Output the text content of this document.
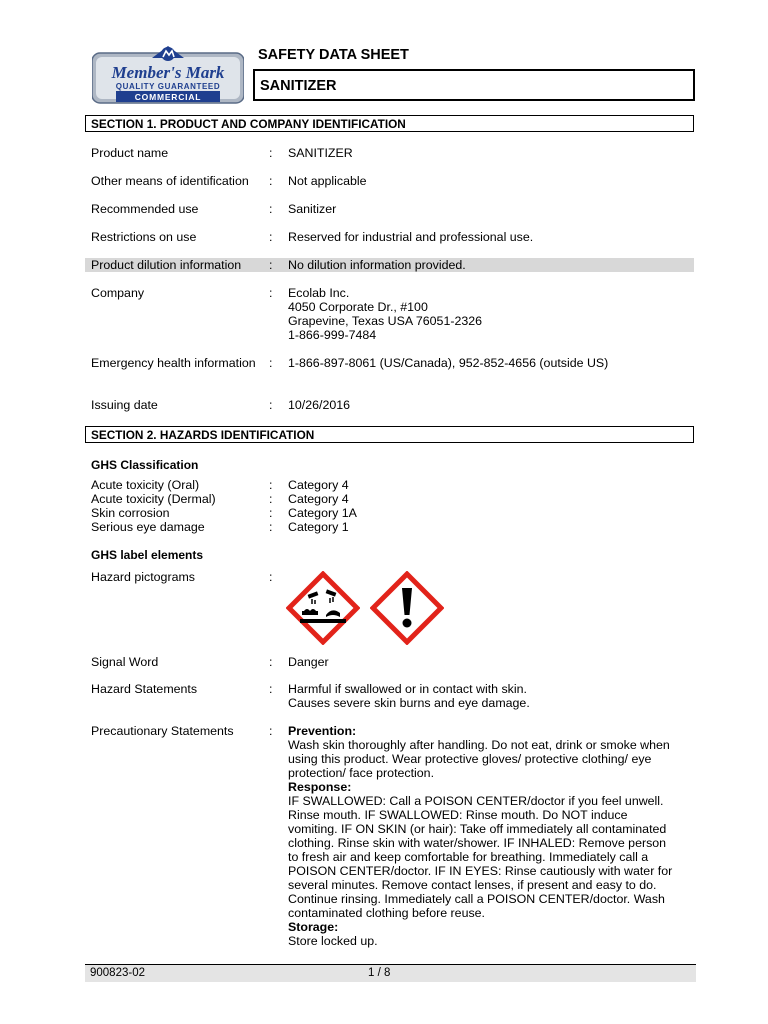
Member's Mark
QUALITY GUARANTEED
COMMERCIAL
SAFETY DATA SHEET
SANITIZER
SECTION 1. PRODUCT AND COMPANY IDENTIFICATION
Product name	: SANITIZER
Other means of identification	: Not applicable
Recommended use	: Sanitizer
Restrictions on use	: Reserved for industrial and professional use.
Product dilution information	: No dilution information provided.
Company	: Ecolab Inc.
4050 Corporate Dr., #100
Grapevine, Texas USA 76051-2326
1-866-999-7484
Emergency health information	: 1-866-897-8061 (US/Canada), 952-852-4656 (outside US)
Issuing date	: 10/26/2016
SECTION 2. HAZARDS IDENTIFICATION
GHS Classification
Acute toxicity (Oral)	: Category 4
Acute toxicity (Dermal)	: Category 4
Skin corrosion	: Category 1A
Serious eye damage	: Category 1
GHS label elements
Hazard pictograms	:
Signal Word	: Danger
Hazard Statements	: Harmful if swallowed or in contact with skin.
Causes severe skin burns and eye damage.
Precautionary Statements	: Prevention:
Wash skin thoroughly after handling. Do not eat, drink or smoke when
using this product. Wear protective gloves/ protective clothing/ eye
protection/ face protection.
Response:
IF SWALLOWED: Call a POISON CENTER/doctor if you feel unwell.
Rinse mouth. IF SWALLOWED: Rinse mouth. Do NOT induce
vomiting. IF ON SKIN (or hair): Take off immediately all contaminated
clothing. Rinse skin with water/shower. IF INHALED: Remove person
to fresh air and keep comfortable for breathing. Immediately call a
POISON CENTER/doctor. IF IN EYES: Rinse cautiously with water for
several minutes. Remove contact lenses, if present and easy to do.
Continue rinsing. Immediately call a POISON CENTER/doctor. Wash
contaminated clothing before reuse.
Storage:
Store locked up.
900823-02	1 / 8
